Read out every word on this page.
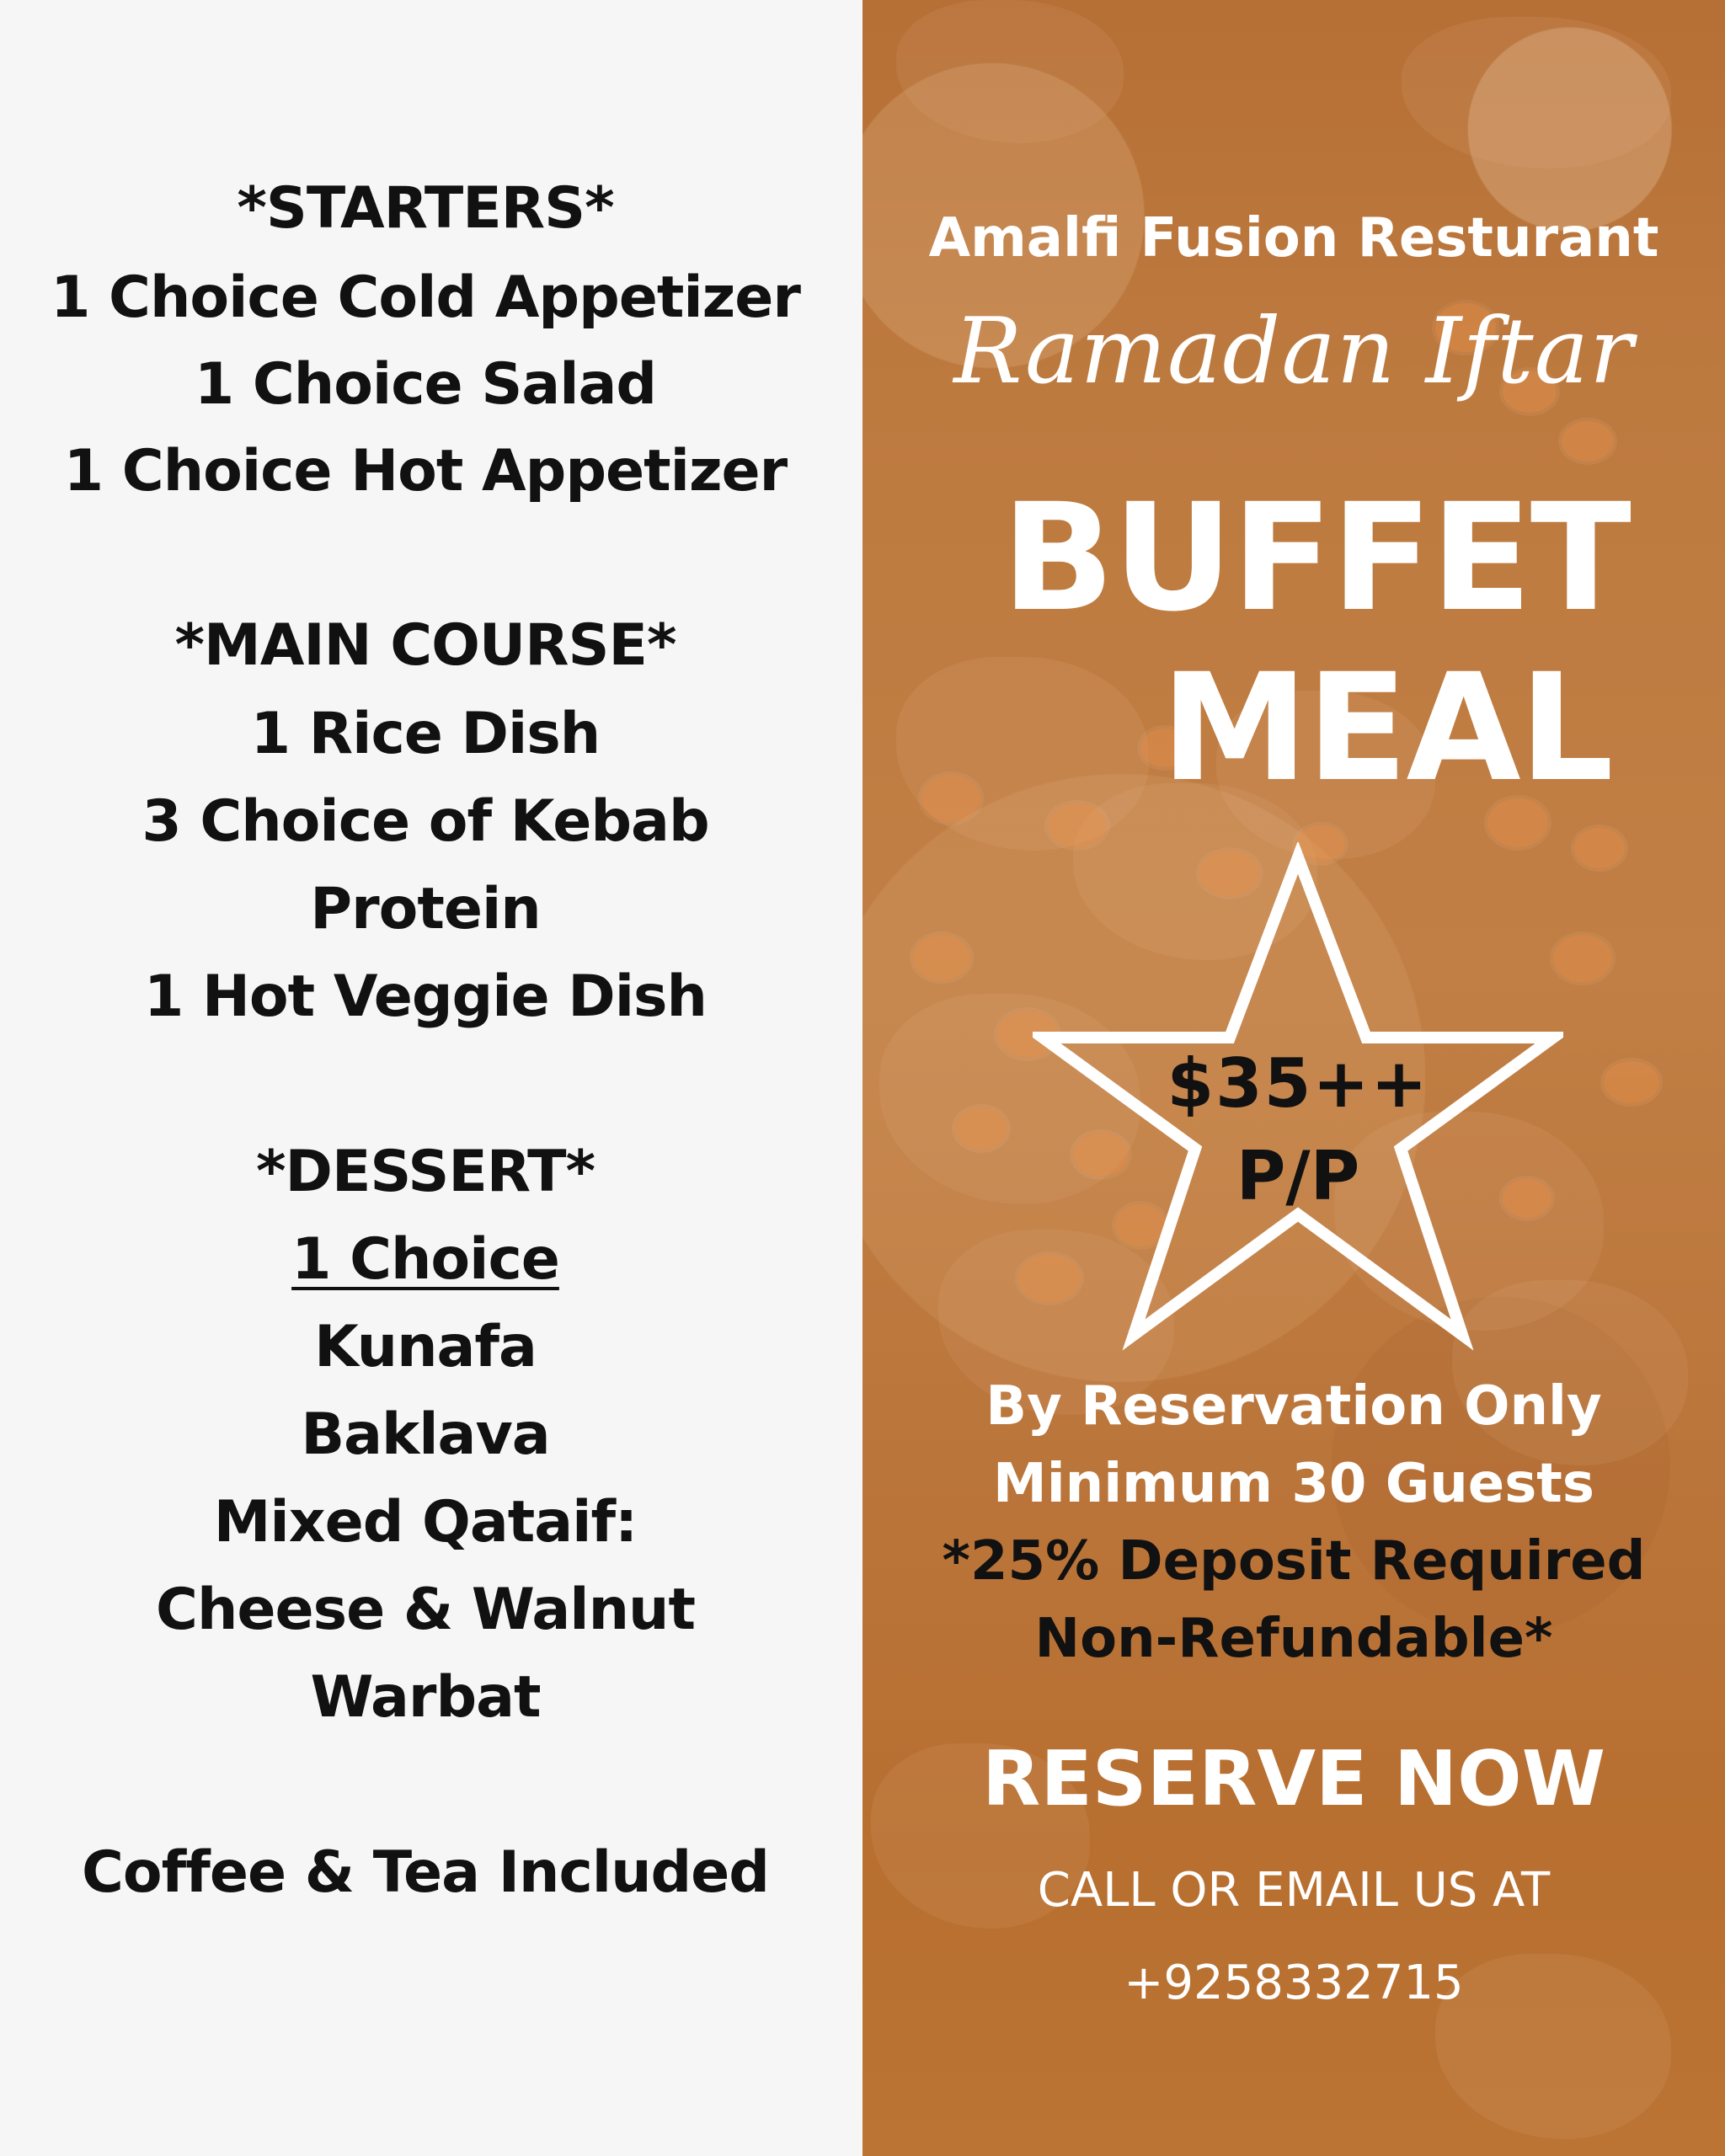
*STARTERS*
1 Choice Cold Appetizer
1 Choice Salad
1 Choice Hot Appetizer
*MAIN COURSE*
1 Rice Dish
3 Choice of Kebab
Protein
1 Hot Veggie Dish
*DESSERT*
1 Choice
Kunafa
Baklava
Mixed Qataif:
Cheese & Walnut
Warbat
Coffee & Tea Included
Amalfi Fusion Resturant
Ramadan Iftar
BUFFET
MEAL
$35++
P/P
By Reservation Only
Minimum 30 Guests
*25% Deposit Required
Non-Refundable*
RESERVE NOW
CALL OR EMAIL US AT
+9258332715
